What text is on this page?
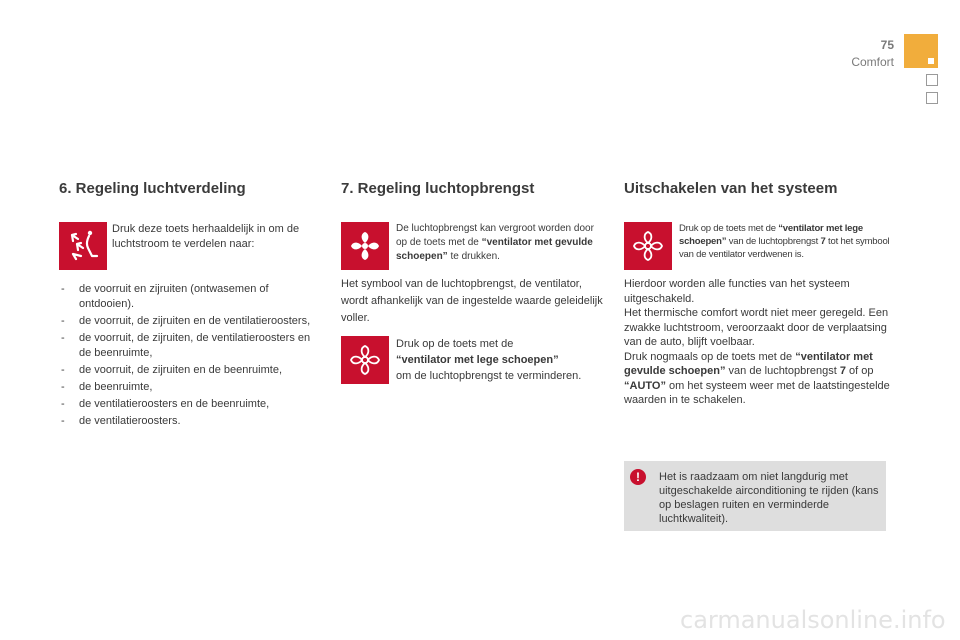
75
Comfort
6. Regeling luchtverdeling
Druk deze toets herhaaldelijk in om de luchtstroom te verdelen naar:
- de voorruit en zijruiten (ontwasemen of ontdooien).
- de voorruit, de zijruiten en de ventilatieroosters,
- de voorruit, de zijruiten, de ventilatieroosters en de beenruimte,
- de voorruit, de zijruiten en de beenruimte,
- de beenruimte,
- de ventilatieroosters en de beenruimte,
- de ventilatieroosters.
7. Regeling luchtopbrengst
De luchtopbrengst kan vergroot worden door op de toets met de “ventilator met gevulde schoepen” te drukken.
Het symbool van de luchtopbrengst, de ventilator, wordt afhankelijk van de ingestelde waarde geleidelijk voller.
Druk op de toets met de
“ventilator met lege schoepen”
om de luchtopbrengst te verminderen.
Uitschakelen van het systeem
Druk op de toets met de “ventilator met lege schoepen” van de luchtopbrengst 7 tot het symbool van de ventilator verdwenen is.
Hierdoor worden alle functies van het systeem uitgeschakeld.
Het thermische comfort wordt niet meer geregeld. Een zwakke luchtstroom, veroorzaakt door de verplaatsing van de auto, blijft voelbaar.
Druk nogmaals op de toets met de “ventilator met gevulde schoepen” van de luchtopbrengst 7 of op “AUTO” om het systeem weer met de laatstingestelde waarden in te schakelen.
!	Het is raadzaam om niet langdurig met uitgeschakelde airconditioning te rijden (kans op beslagen ruiten en verminderde luchtkwaliteit).
carmanualsonline.info
